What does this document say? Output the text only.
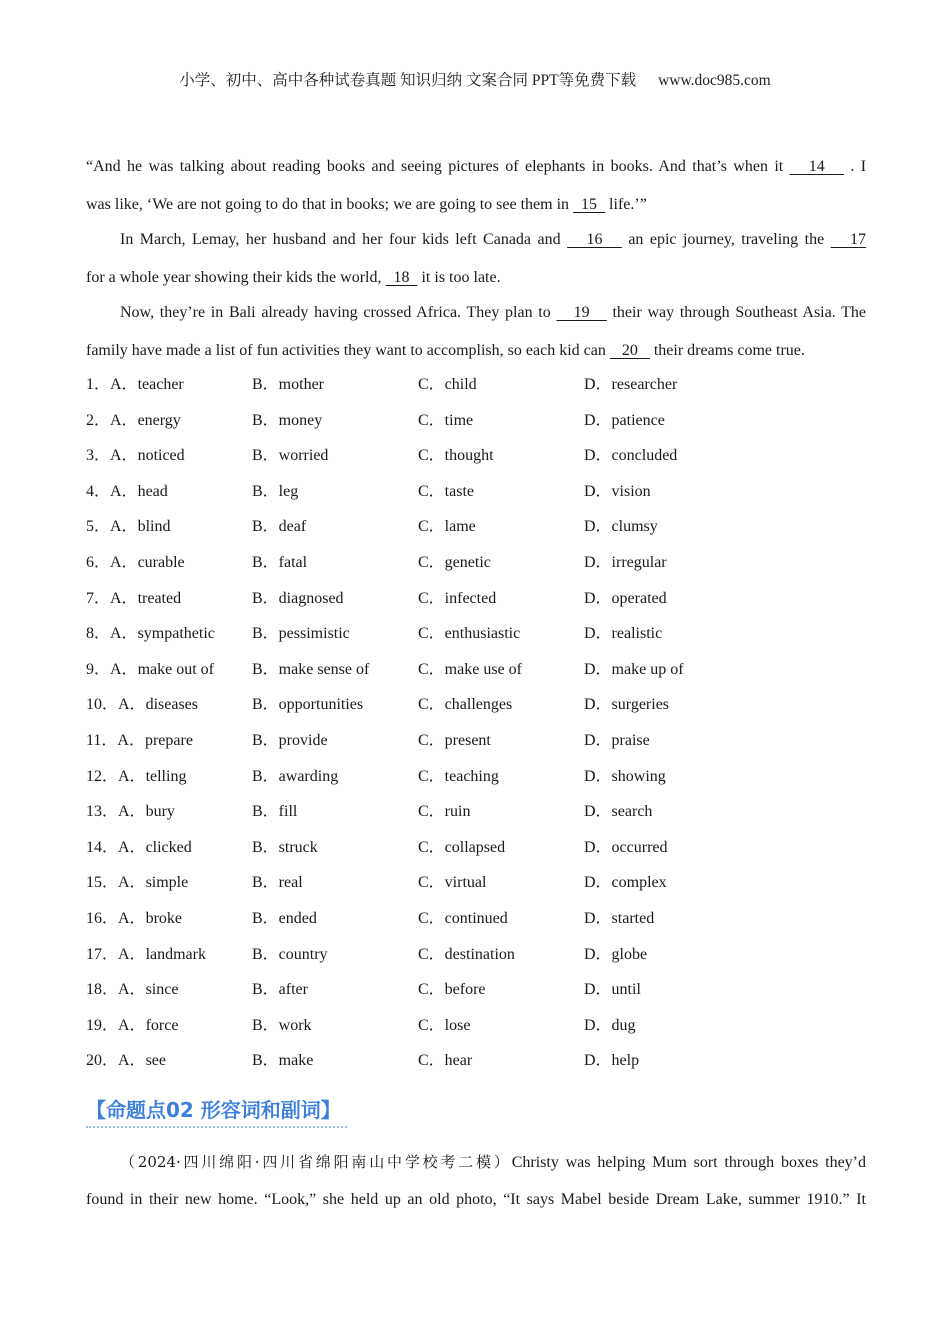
小学、初中、高中各种试卷真题 知识归纳 文案合同 PPT等免费下载 www.doc985.com
“And he was talking about reading books and seeing pictures of elephants in books. And that’s when it    14    . I
was like, ‘We are not going to do that in books; we are going to see them in   15   life.’”
In March, Lemay, her husband and her four kids left Canada and    16    an epic journey, traveling the    17
for a whole year showing their kids the world,   18   it is too late.
Now, they’re in Bali already having crossed Africa. They plan to    19    their way through Southeast Asia. The
family have made a list of fun activities they want to accomplish, so each kid can    20    their dreams come true.
1．A．teacher	B．mother	C．child	D．researcher
2．A．energy	B．money	C．time	D．patience
3．A．noticed	B．worried	C．thought	D．concluded
4．A．head	B．leg	C．taste	D．vision
5．A．blind	B．deaf	C．lame	D．clumsy
6．A．curable	B．fatal	C．genetic	D．irregular
7．A．treated	B．diagnosed	C．infected	D．operated
8．A．sympathetic B．pessimistic	C．enthusiastic	D．realistic
9．A．make out of B．make sense of	C．make use of	D．make up of
10．A．diseases	B．opportunities	C．challenges	D．surgeries
11．A．prepare	B．provide	C．present	D．praise
12．A．telling	B．awarding	C．teaching	D．showing
13．A．bury	B．fill	C．ruin	D．search
14．A．clicked	B．struck	C．collapsed	D．occurred
15．A．simple	B．real	C．virtual	D．complex
16．A．broke	B．ended	C．continued	D．started
17．A．landmark	B．country	C．destination	D．globe
18．A．since	B．after	C．before	D．until
19．A．force	B．work	C．lose	D．dug
20．A．see	B．make	C．hear	D．help
【命题点02 形容词和副词】
（2024·四川绵阳·四川省绵阳南山中学校考二模）Christy was helping Mum sort through boxes they’d
found in their new home. “Look,” she held up an old photo, “It says Mabel beside Dream Lake, summer 1910.” It
